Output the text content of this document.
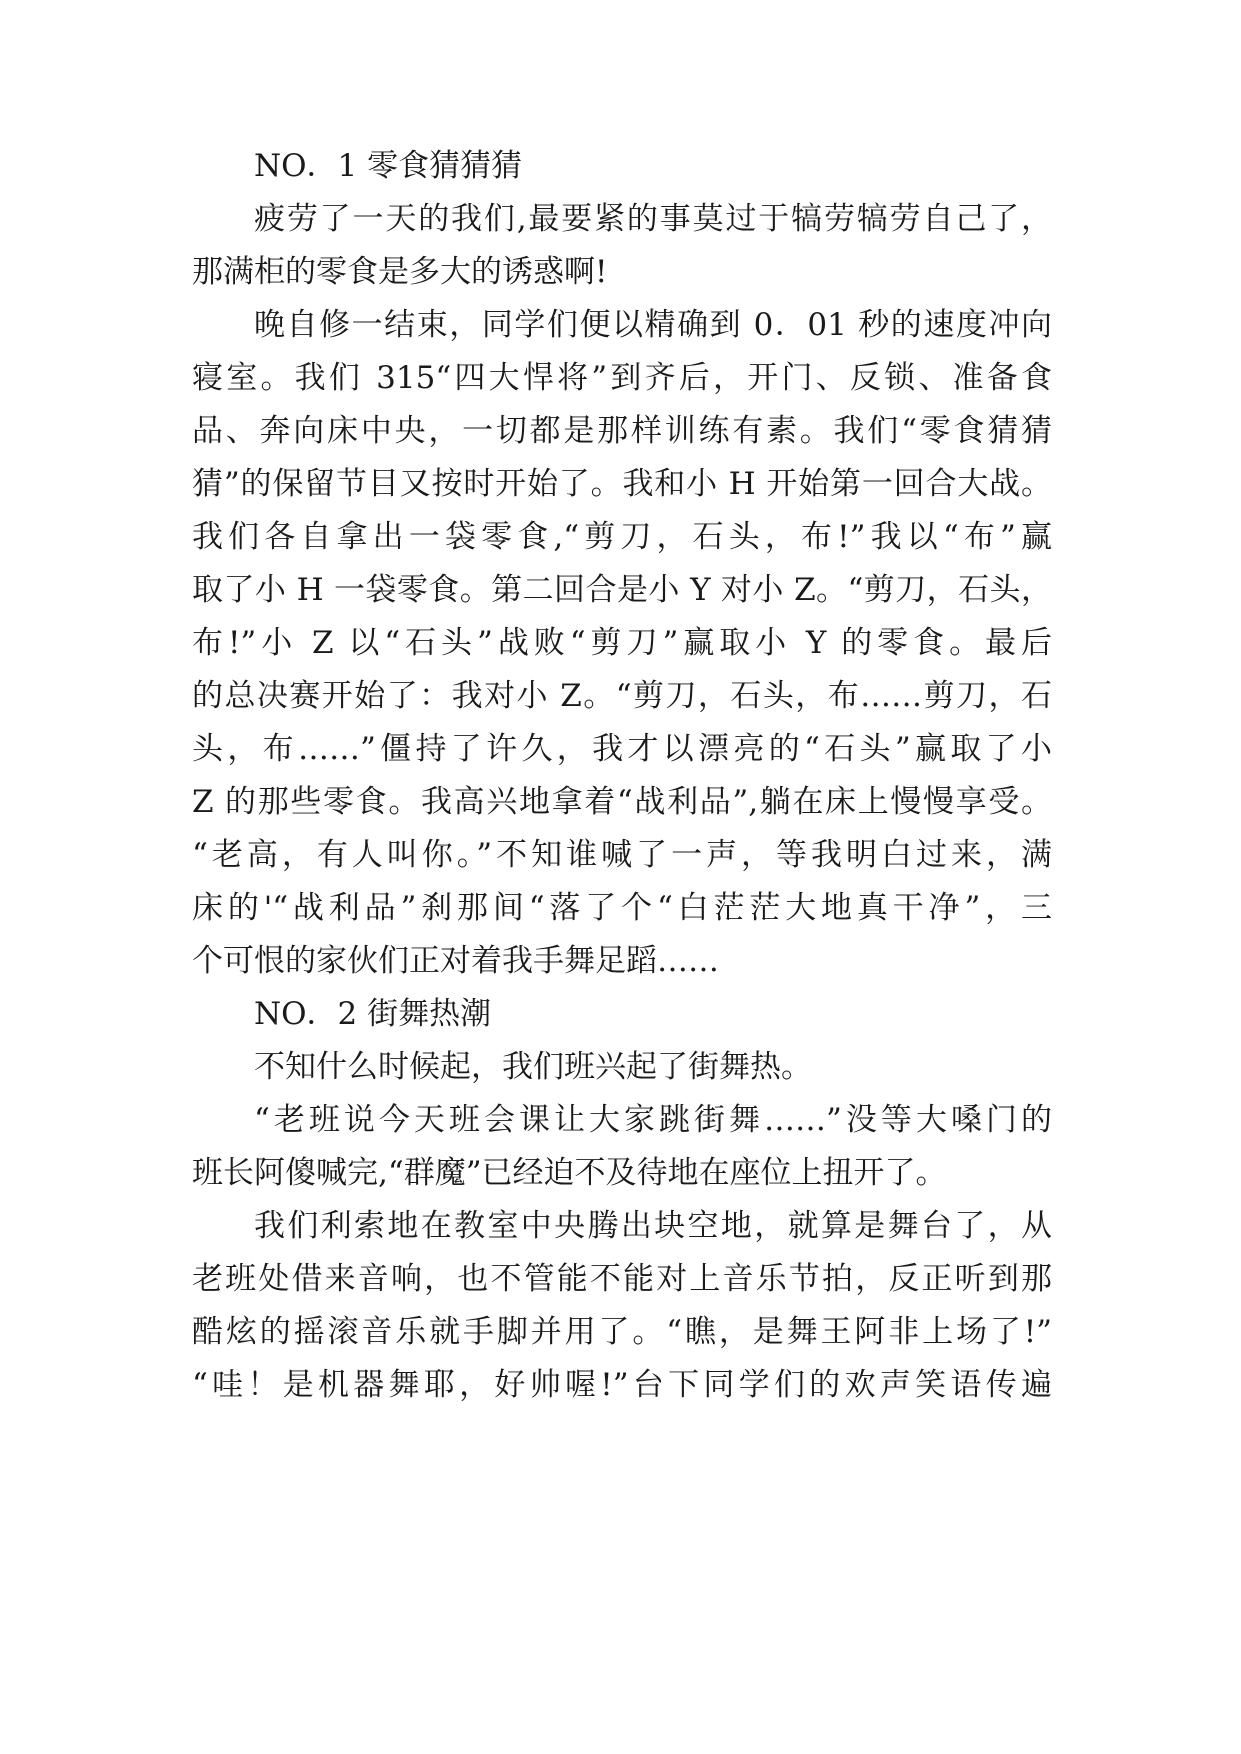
NO．1 零食猜猜猜
疲劳了一天的我们,最要紧的事莫过于犒劳犒劳自己了，
那满柜的零食是多大的诱惑啊!
晚自修一结束，同学们便以精确到 0．01 秒的速度冲向
寝室。我们 315“四大悍将”到齐后，开门、反锁、准备食
品、奔向床中央，一切都是那样训练有素。我们“零食猜猜
猜”的保留节目又按时开始了。我和小 H 开始第一回合大战。
我们各自拿出一袋零食,“剪刀，石头，布!”我以“布”赢
取了小 H 一袋零食。第二回合是小 Y 对小 Z。“剪刀，石头，
布!”小 Z 以“石头”战败“剪刀”赢取小 Y 的零食。最后
的总决赛开始了：我对小 Z。“剪刀，石头，布……剪刀，石
头，布……”僵持了许久，我才以漂亮的“石头”赢取了小
Z 的那些零食。我高兴地拿着“战利品”,躺在床上慢慢享受。
“老高，有人叫你。”不知谁喊了一声，等我明白过来，满
床的'“战利品”刹那间“落了个“白茫茫大地真干净”，三
个可恨的家伙们正对着我手舞足蹈……
NO．2 街舞热潮
不知什么时候起，我们班兴起了街舞热。
“老班说今天班会课让大家跳街舞……”没等大嗓门的
班长阿傻喊完,“群魔”已经迫不及待地在座位上扭开了。
我们利索地在教室中央腾出块空地，就算是舞台了，从
老班处借来音响，也不管能不能对上音乐节拍，反正听到那
酷炫的摇滚音乐就手脚并用了。“瞧，是舞王阿非上场了!”
“哇！是机器舞耶，好帅喔!”台下同学们的欢声笑语传遍
